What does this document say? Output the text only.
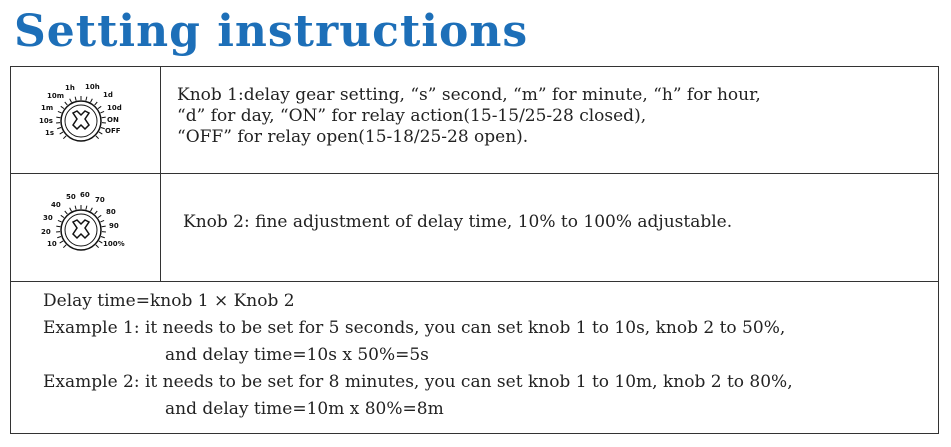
Setting instructions
1s
10s
1m
10m
1h 10h
1d
10d
ON
OFF
Knob 1:delay gear setting, “s” second, “m” for minute, “h” for hour,
“d” for day, “ON” for relay action(15-15/25-28 closed),
“OFF” for relay open(15-18/25-28 open).
10
20
30
40
50 60
70
80
90
100%
Knob 2: fine adjustment of delay time, 10% to 100% adjustable.
Delay time=knob 1 × Knob 2
Example 1: it needs to be set for 5 seconds, you can set knob 1 to 10s, knob 2 to 50%,
and delay time=10s x 50%=5s
Example 2: it needs to be set for 8 minutes, you can set knob 1 to 10m, knob 2 to 80%,
and delay time=10m x 80%=8m
